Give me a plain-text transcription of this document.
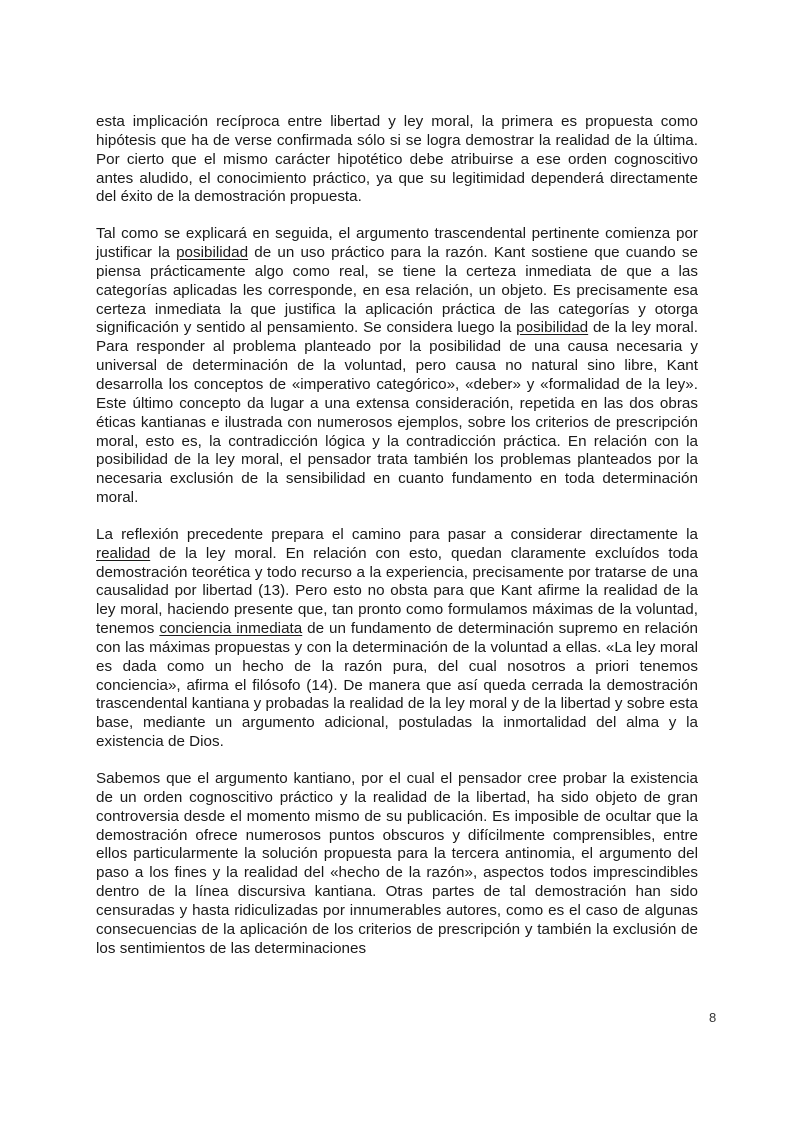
esta implicación recíproca entre libertad y ley moral, la primera es propuesta como hipótesis que ha de verse confirmada sólo si se logra demostrar la realidad de la última. Por cierto que el mismo carácter hipotético debe atribuirse a ese orden cognoscitivo antes aludido, el conocimiento práctico, ya que su legitimidad dependerá directamente del éxito de la demostración propuesta.

Tal como se explicará en seguida, el argumento trascendental pertinente comienza por justificar la posibilidad de un uso práctico para la razón. Kant sostiene que cuando se piensa prácticamente algo como real, se tiene la certeza inmediata de que a las categorías aplicadas les corresponde, en esa relación, un objeto. Es precisamente esa certeza inmediata la que justifica la aplicación práctica de las categorías y otorga significación y sentido al pensamiento. Se considera luego la posibilidad de la ley moral. Para responder al problema planteado por la posibilidad de una causa necesaria y universal de determinación de la voluntad, pero causa no natural sino libre, Kant desarrolla los conceptos de «imperativo categórico», «deber» y «formalidad de la ley». Este último concepto da lugar a una extensa consideración, repetida en las dos obras éticas kantianas e ilustrada con numerosos ejemplos, sobre los criterios de prescripción moral, esto es, la contradicción lógica y la contradicción práctica. En relación con la posibilidad de la ley moral, el pensador trata también los problemas planteados por la necesaria exclusión de la sensibilidad en cuanto fundamento en toda determinación moral.

La reflexión precedente prepara el camino para pasar a considerar directamente la realidad de la ley moral. En relación con esto, quedan claramente excluídos toda demostración teorética y todo recurso a la experiencia, precisamente por tratarse de una causalidad por libertad (13). Pero esto no obsta para que Kant afirme la realidad de la ley moral, haciendo presente que, tan pronto como formulamos máximas de la voluntad, tenemos conciencia inmediata de un fundamento de determinación supremo en relación con las máximas propuestas y con la determinación de la voluntad a ellas. «La ley moral es dada como un hecho de la razón pura, del cual nosotros a priori tenemos conciencia», afirma el filósofo (14). De manera que así queda cerrada la demostración trascendental kantiana y probadas la realidad de la ley moral y de la libertad y sobre esta base, mediante un argumento adicional, postuladas la inmortalidad del alma y la existencia de Dios.

Sabemos que el argumento kantiano, por el cual el pensador cree probar la existencia de un orden cognoscitivo práctico y la realidad de la libertad, ha sido objeto de gran controversia desde el momento mismo de su publicación. Es imposible de ocultar que la demostración ofrece numerosos puntos obscuros y difícilmente comprensibles, entre ellos particularmente la solución propuesta para la tercera antinomia, el argumento del paso a los fines y la realidad del «hecho de la razón», aspectos todos imprescindibles dentro de la línea discursiva kantiana. Otras partes de tal demostración han sido censuradas y hasta ridiculizadas por innumerables autores, como es el caso de algunas consecuencias de la aplicación de los criterios de prescripción y también la exclusión de los sentimientos de las determinaciones

8
